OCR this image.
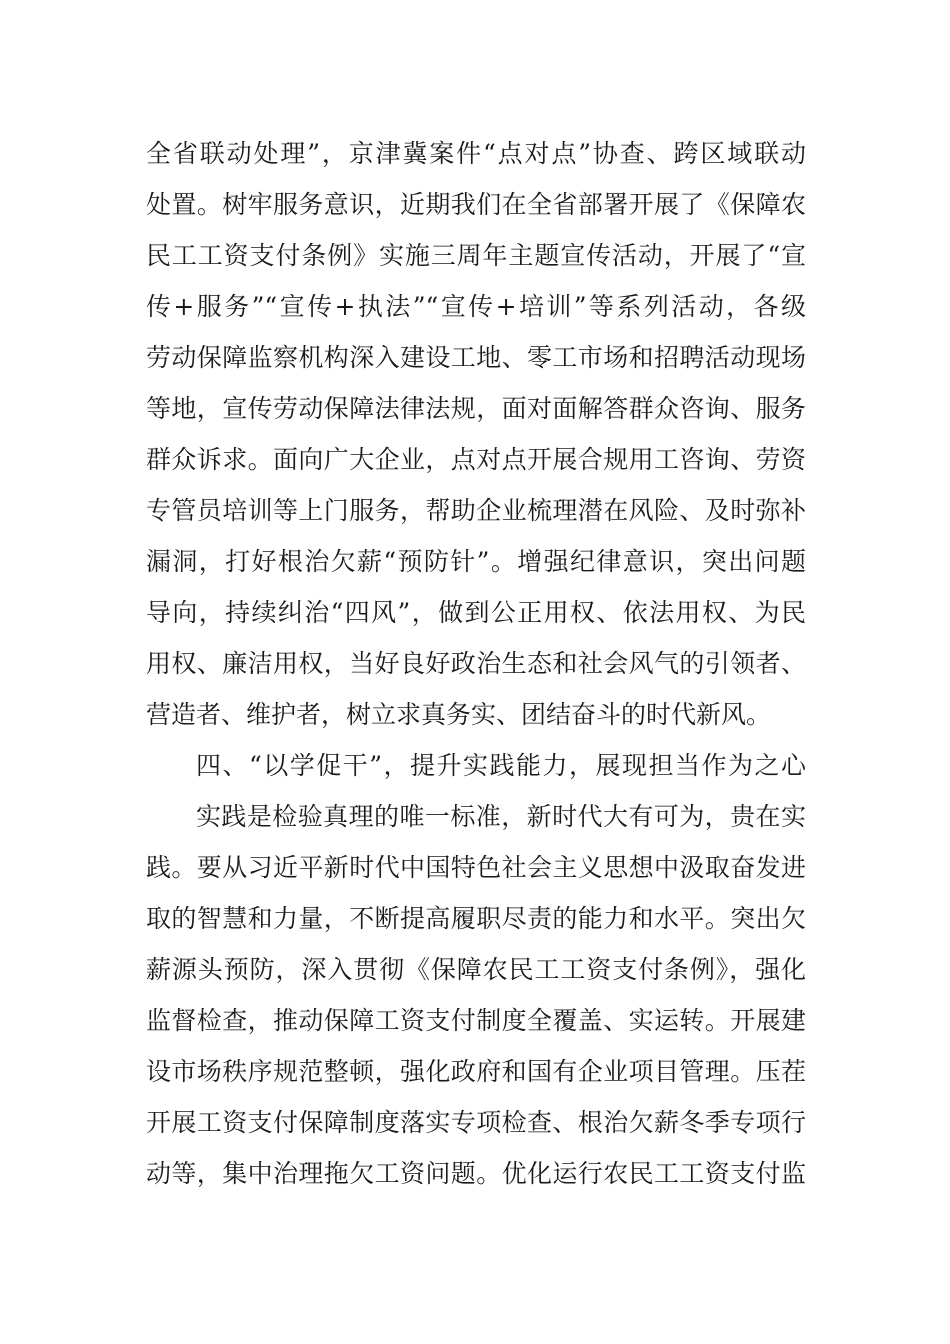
全省联动处理”，京津冀案件“点对点”协查、跨区域联动
处置。树牢服务意识，近期我们在全省部署开展了《保障农
民工工资支付条例》实施三周年主题宣传活动，开展了“宣
传+服务”“宣传+执法”“宣传+培训”等系列活动，各级
劳动保障监察机构深入建设工地、零工市场和招聘活动现场
等地，宣传劳动保障法律法规，面对面解答群众咨询、服务
群众诉求。面向广大企业，点对点开展合规用工咨询、劳资
专管员培训等上门服务，帮助企业梳理潜在风险、及时弥补
漏洞，打好根治欠薪“预防针”。增强纪律意识，突出问题
导向，持续纠治“四风”，做到公正用权、依法用权、为民
用权、廉洁用权，当好良好政治生态和社会风气的引领者、
营造者、维护者，树立求真务实、团结奋斗的时代新风。
四、“以学促干”，提升实践能力，展现担当作为之心
实践是检验真理的唯一标准，新时代大有可为，贵在实
践。要从习近平新时代中国特色社会主义思想中汲取奋发进
取的智慧和力量，不断提高履职尽责的能力和水平。突出欠
薪源头预防，深入贯彻《保障农民工工资支付条例》，强化
监督检查，推动保障工资支付制度全覆盖、实运转。开展建
设市场秩序规范整顿，强化政府和国有企业项目管理。压茬
开展工资支付保障制度落实专项检查、根治欠薪冬季专项行
动等，集中治理拖欠工资问题。优化运行农民工工资支付监
